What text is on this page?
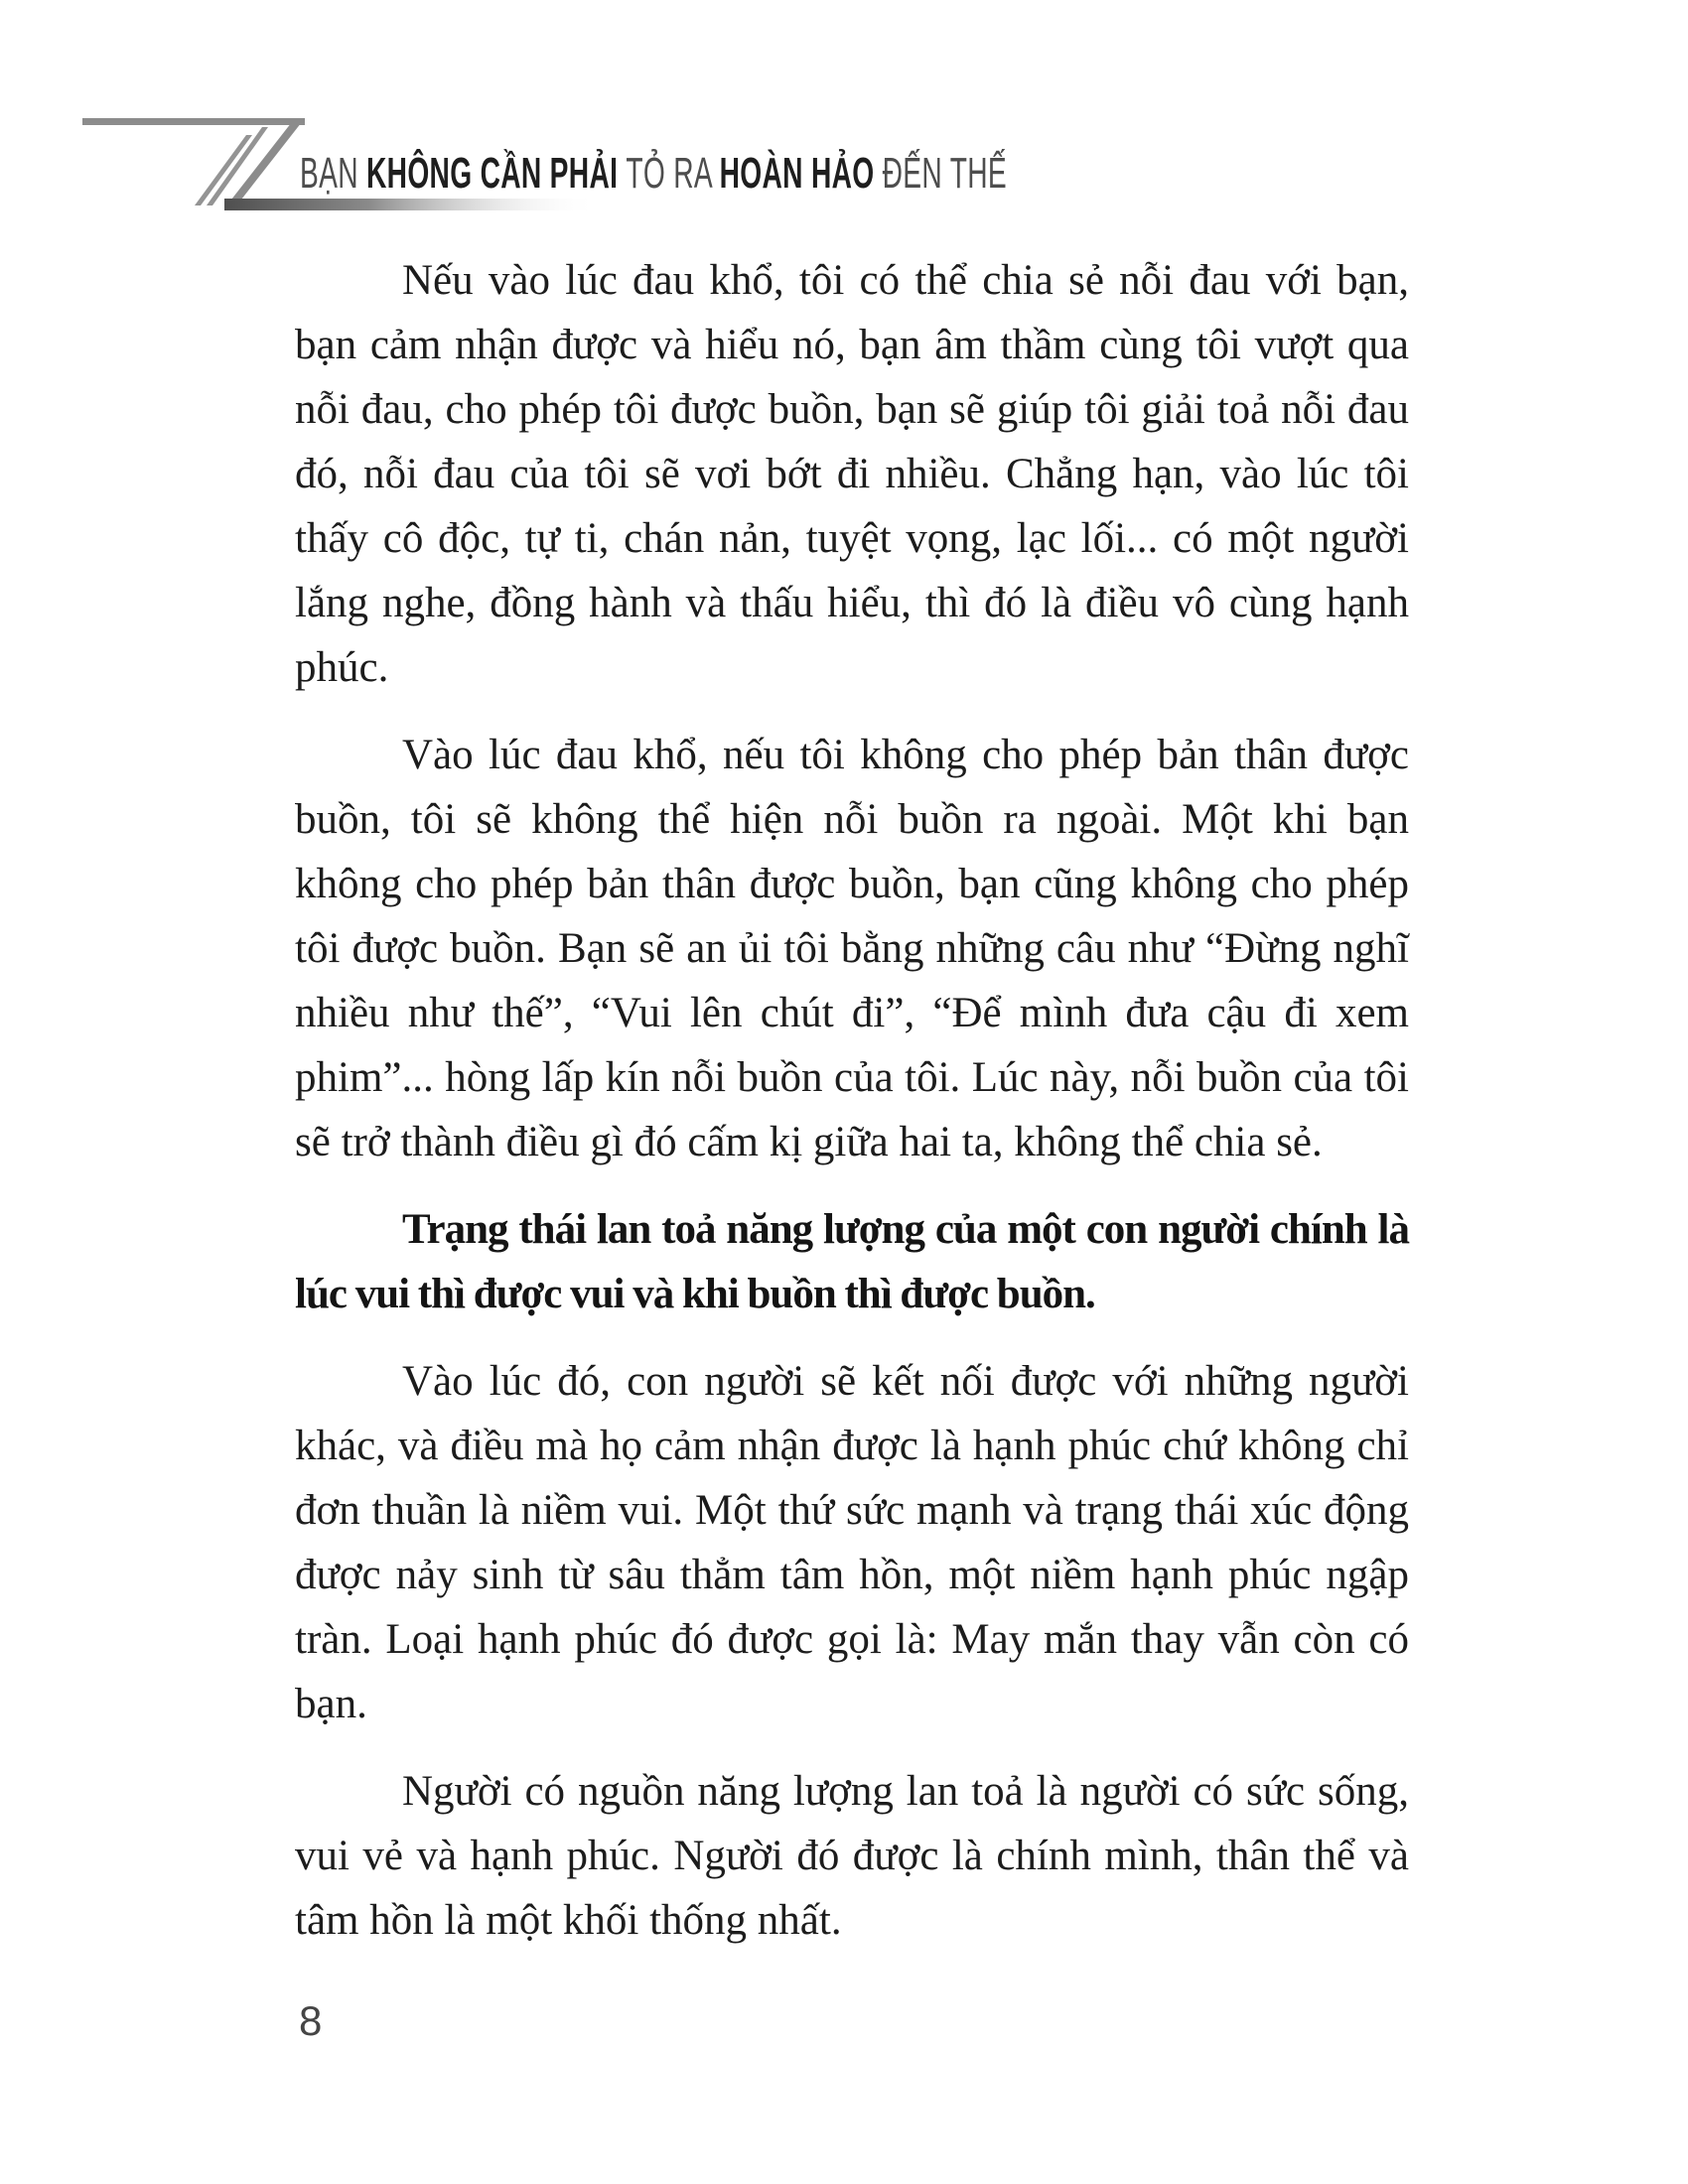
BẠN KHÔNG CẦN PHẢI TỎ RA HOÀN HẢO ĐẾN THẾ

Nếu vào lúc đau khổ, tôi có thể chia sẻ nỗi đau với bạn, bạn cảm nhận được và hiểu nó, bạn âm thầm cùng tôi vượt qua nỗi đau, cho phép tôi được buồn, bạn sẽ giúp tôi giải toả nỗi đau đó, nỗi đau của tôi sẽ vơi bớt đi nhiều. Chẳng hạn, vào lúc tôi thấy cô độc, tự ti, chán nản, tuyệt vọng, lạc lối... có một người lắng nghe, đồng hành và thấu hiểu, thì đó là điều vô cùng hạnh phúc.

Vào lúc đau khổ, nếu tôi không cho phép bản thân được buồn, tôi sẽ không thể hiện nỗi buồn ra ngoài. Một khi bạn không cho phép bản thân được buồn, bạn cũng không cho phép tôi được buồn. Bạn sẽ an ủi tôi bằng những câu như “Đừng nghĩ nhiều như thế”, “Vui lên chút đi”, “Để mình đưa cậu đi xem phim”... hòng lấp kín nỗi buồn của tôi. Lúc này, nỗi buồn của tôi sẽ trở thành điều gì đó cấm kị giữa hai ta, không thể chia sẻ.

Trạng thái lan toả năng lượng của một con người chính là lúc vui thì được vui và khi buồn thì được buồn.

Vào lúc đó, con người sẽ kết nối được với những người khác, và điều mà họ cảm nhận được là hạnh phúc chứ không chỉ đơn thuần là niềm vui. Một thứ sức mạnh và trạng thái xúc động được nảy sinh từ sâu thẳm tâm hồn, một niềm hạnh phúc ngập tràn. Loại hạnh phúc đó được gọi là: May mắn thay vẫn còn có bạn.

Người có nguồn năng lượng lan toả là người có sức sống, vui vẻ và hạnh phúc. Người đó được là chính mình, thân thể và tâm hồn là một khối thống nhất.

8
